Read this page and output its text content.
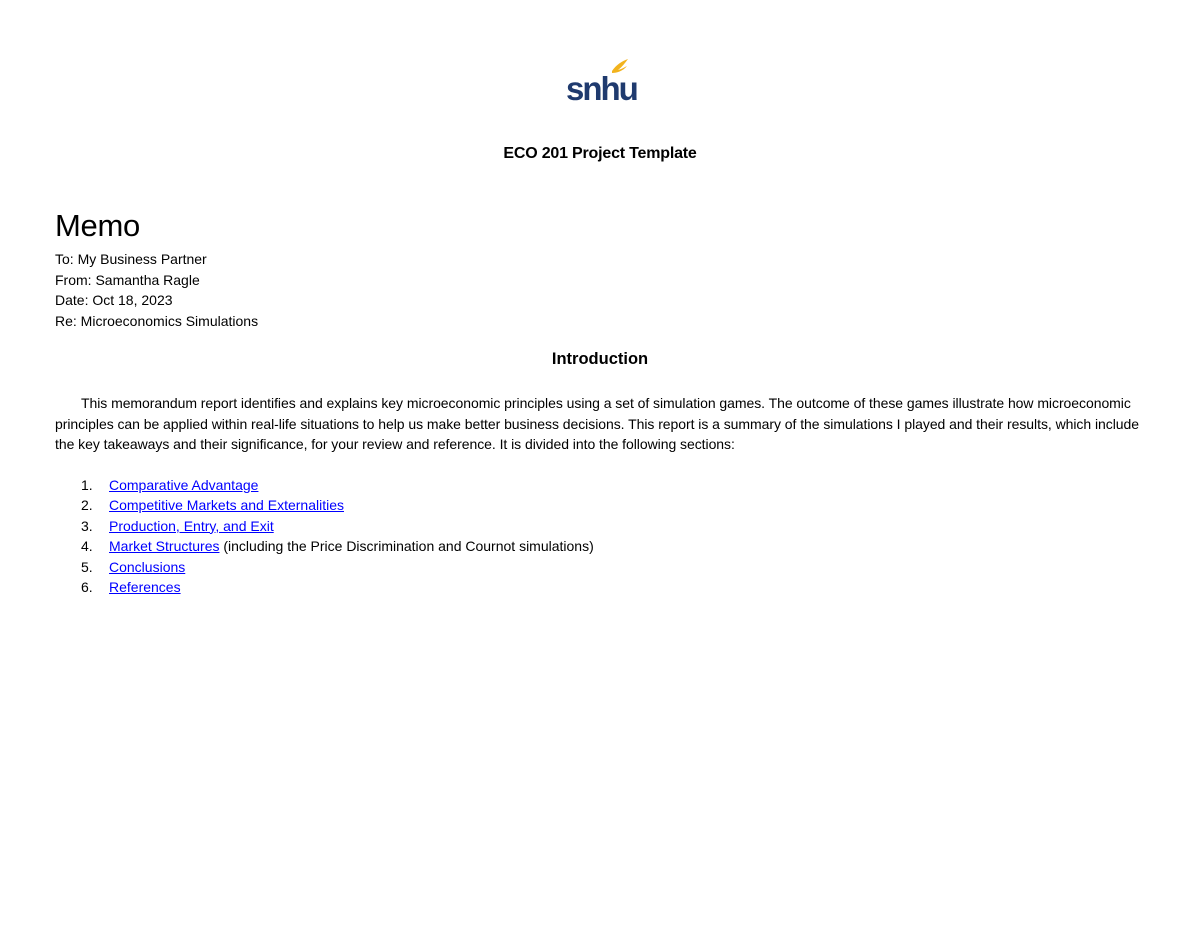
snhu
ECO 201 Project Template
Memo
To: My Business Partner
From: Samantha Ragle
Date: Oct 18, 2023
Re: Microeconomics Simulations
Introduction
This memorandum report identifies and explains key microeconomic principles using a set of simulation games. The outcome of these games illustrate how microeconomic principles can be applied within real-life situations to help us make better business decisions. This report is a summary of the simulations I played and their results, which include the key takeaways and their significance, for your review and reference. It is divided into the following sections:
1. Comparative Advantage
2. Competitive Markets and Externalities
3. Production, Entry, and Exit
4. Market Structures (including the Price Discrimination and Cournot simulations)
5. Conclusions
6. References
